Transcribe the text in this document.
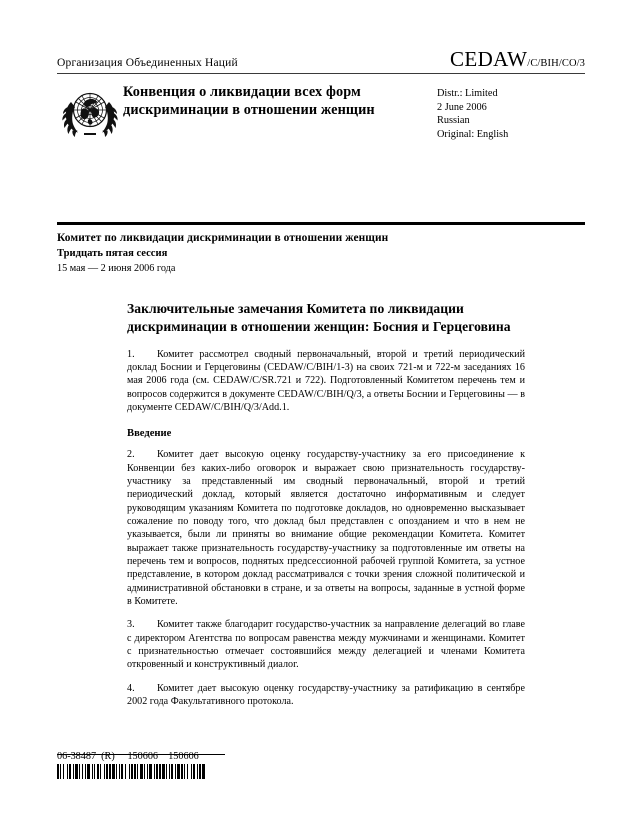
Организация Объединенных Наций	CEDAW /C/BIH/CO/3
Конвенция о ликвидации всех форм дискриминации в отношении женщин
Distr.: Limited
2 June 2006
Russian
Original: English
Комитет по ликвидации дискриминации в отношении женщин
Тридцать пятая сессия
15 мая — 2 июня 2006 года
Заключительные замечания Комитета по ликвидации дискриминации в отношении женщин: Босния и Герцеговина

1. Комитет рассмотрел сводный первоначальный, второй и третий периодический доклад Боснии и Герцеговины (CEDAW/C/BIH/1-3) на своих 721-м и 722-м заседаниях 16 мая 2006 года (см. CEDAW/C/SR.721 и 722). Подготовленный Комитетом перечень тем и вопросов содержится в документе CEDAW/C/BIH/Q/3, а ответы Боснии и Герцеговины — в документе CEDAW/C/BIH/Q/3/Add.1.

Введение

2. Комитет дает высокую оценку государству-участнику за его присоединение к Конвенции без каких-либо оговорок и выражает свою признательность государству-участнику за представленный им сводный первоначальный, второй и третий периодический доклад, который является достаточно информативным и следует руководящим указаниям Комитета по подготовке докладов, но одновременно высказывает сожаление по поводу того, что доклад был представлен с опозданием и что в нем не указывается, были ли приняты во внимание общие рекомендации Комитета. Комитет выражает также признательность государству-участнику за подготовленные им ответы на перечень тем и вопросов, поднятых предсессионной рабочей группой Комитета, за устное представление, в котором доклад рассматривался с точки зрения сложной политической и административной обстановки в стране, и за ответы на вопросы, заданные в устной форме в Комитете.

3. Комитет также благодарит государство-участник за направление делегаций во главе с директором Агентства по вопросам равенства между мужчинами и женщинами. Комитет с признательностью отмечает состоявшийся между делегацией и членами Комитета откровенный и конструктивный диалог.

4. Комитет дает высокую оценку государству-участнику за ратификацию в сентябре 2002 года Факультативного протокола.

06-38487  (R)     150606    150606
